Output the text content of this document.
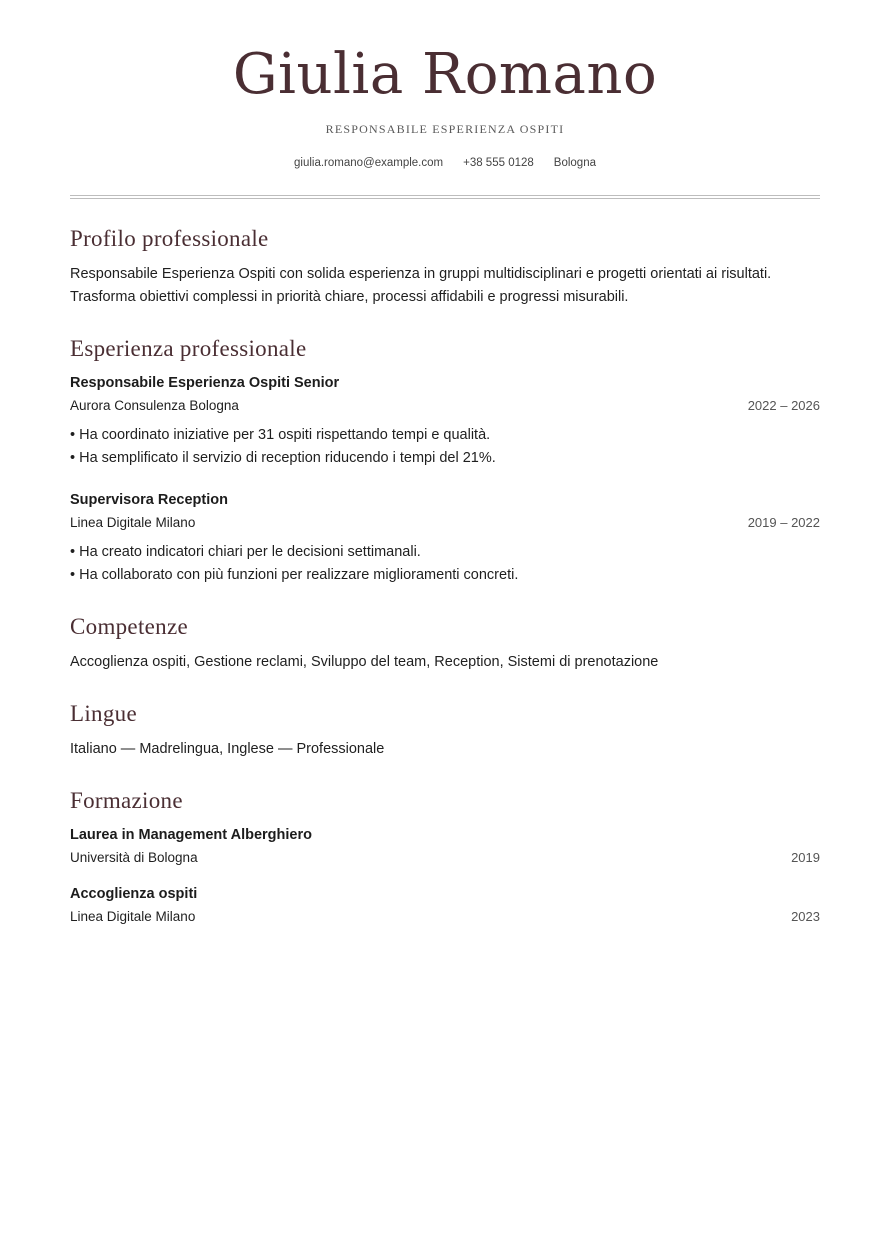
Giulia Romano
RESPONSABILE ESPERIENZA OSPITI
giulia.romano@example.com +38 555 0128 Bologna
Profilo professionale
Responsabile Esperienza Ospiti con solida esperienza in gruppi multidisciplinari e progetti orientati ai risultati. Trasforma obiettivi complessi in priorità chiare, processi affidabili e progressi misurabili.
Esperienza professionale
Responsabile Esperienza Ospiti Senior
Aurora Consulenza Bologna	2022 – 2026
• Ha coordinato iniziative per 31 ospiti rispettando tempi e qualità.
• Ha semplificato il servizio di reception riducendo i tempi del 21%.
Supervisora Reception
Linea Digitale Milano	2019 – 2022
• Ha creato indicatori chiari per le decisioni settimanali.
• Ha collaborato con più funzioni per realizzare miglioramenti concreti.
Competenze
Accoglienza ospiti, Gestione reclami, Sviluppo del team, Reception, Sistemi di prenotazione
Lingue
Italiano — Madrelingua, Inglese — Professionale
Formazione
Laurea in Management Alberghiero
Università di Bologna	2019
Accoglienza ospiti
Linea Digitale Milano	2023
